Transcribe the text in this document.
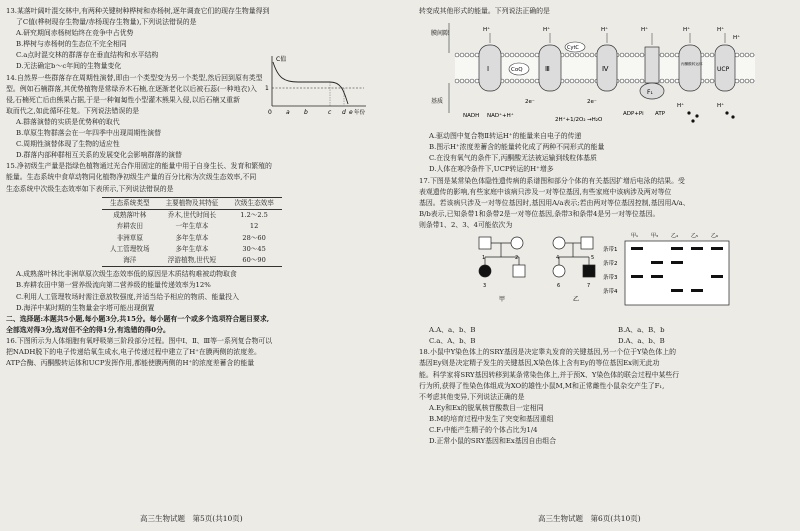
13.某落叶阔叶混交林中,有两种关键树种桦树和赤杨树,逐年调查它们的现存生物量得到

了C值(桦树现存生物量/赤杨现存生物量),下列说法错误的是

A.研究期间赤杨树始终在竞争中占优势

B.桦树与赤杨树的生态位不完全相同

C.a点时混交林的群落存在垂直结构和水平结构

D.无法确定b～c年间的生物量变化

C值
1
0 a b	c d e 年份

14.自然界一些群落存在周期性演替,即由一个类型变为另一个类型,然后回到原有类型

型。例如石楠群落,其优势植物是常绿乔木石楠,在逐渐老化以后被石蕊(一种地衣)入

侵,石楠死亡后由熊果占据,于是一种匍匐性小型灌木熊果入侵,以后石楠又重新

取而代之,如此循环往复。下列说法错误的是

A.群落演替的实质是优势种的取代

B.草原生物群落会在一年四季中出现周期性演替

C.周期性演替体现了生物的适应性

D.群落内部种群相互关系的发展变化会影响群落的演替

15.净初级生产量是指绿色植物通过光合作用固定的能量中用于自身生长、发育和繁殖的

能量。生态系统中食草动物同化植物净初级生产量的百分比称为次级生态效率,不同

生态系统中次级生态效率如下表所示,下列说法错误的是

生态系统类型	主要植物及其特征	次级生态效率
成熟落叶林	乔木,世代时间长	1.2～2.5
弃耕农田	一年生草本	12
非洲草原	多年生草本	28～60
人工管理牧场	多年生草本	30～45
海洋	浮游植物,世代短	60～90

A.成熟落叶林比非洲草原次级生态效率低的原因是木质结构难被动物取食

B.弃耕农田中第一营养级流向第二营养级的能量传递效率为12%

C.利用人工管理牧场时需注意放牧强度,并适当给予相应的物质、能量投入

D.海洋中某时期的生物量金字塔可能出现倒置

二、选择题:本题共5小题,每小题3分,共15分。每小题有一个或多个选项符合题目要求,

全部选对得3分,选对但不全的得1分,有选错的得0分。

16.下图所示为人体细胞有氧呼吸第三阶段部分过程。图中Ⅰ、Ⅱ、Ⅲ等一系列复合物可以

把NADH脱下的电子传递给氧生成水,电子传递过程中建立了H⁺在膜两侧的浓度差。

ATP合酶、丙酮酸转运体和UCP发挥作用,都能使膜两侧的H⁺的浓度差蓄含的能量

高三生物试题　第5页(共10页)

转变成其他形式的能量。下列说法正确的是

膜间隙
基质
Ⅰ	CoQ	Ⅲ
CytC
Ⅳ
F₁
丙酮酸转运体
UCP
H⁺	H⁺	H⁺	H⁺	H⁺	H⁺
H⁺
NADH NAD⁺+H⁺
2e⁻
2H⁺+1/2O₂ →H₂O
ADP+Pi ATP
H⁺	H⁺
2e⁻

A.驱动图中复合物Ⅱ转运H⁺的能量来自电子的传递

B.图示H⁺浓度差蓄含的能量转化成了两种不同形式的能量

C.在没有氧气的条件下,丙酮酸无法被运输到线粒体基质

D.人体在寒冷条件下,UCP转运的H⁺增多

17.下图是某常染色体隐性遗传病的系谱图和部分个体的有关基因扩增后电泳的结果。受

表观遗传的影响,有些家庭中该病只涉及一对等位基因,有些家庭中该病涉及两对等位

基因。若该病只涉及一对等位基因时,基因用A/a表示;若由两对等位基因控制,基因用A/a、

B/b表示,已知条带1和条带2是一对等位基因,条带3和条带4是另一对等位基因。

则条带1、2、3、4可能依次为

1	2	4	5
3	6	7
甲	乙
甲₁	甲₃	乙₄	乙₅	乙₆
条带1
条带2
条带3
条带4

A.A、a、b、B	B.A、a、B、b

C.a、A、b、B	D.A、a、b、B

18.小鼠中Y染色体上的SRY基因是决定睾丸发育的关键基因,另一个位于Y染色体上的

基因Ey则是决定精子发生的关键基因,X染色体上含有Ey的等位基因Ex则无此功

能。科学家将SRY基因转移到某条常染色体上,并于预X、Y染色体的联会过程中某些行

行为所,获得了性染色体组成为XO的雄性小鼠M,M和正常雌性小鼠杂交产生了F₁,

不考虑其他变异,下列说法正确的是

A.Ey和Ex的脱氧核苷酸数目一定相同

B.M的培育过程中发生了突变和基因重组

C.F₁中能产生精子的个体占比为1/4

D.正常小鼠的SRY基因和Ex基因自由组合

高三生物试题　第6页(共10页)
